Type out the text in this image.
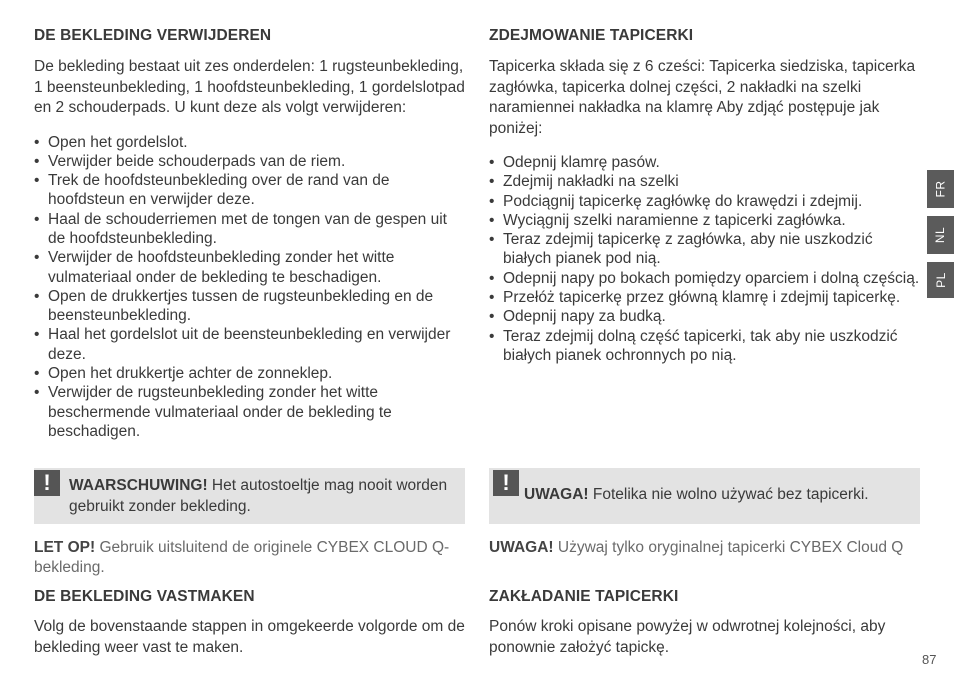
DE BEKLEDING VERWIJDEREN

De bekleding bestaat uit zes onderdelen: 1 rugsteunbekleding, 1 beensteunbekleding, 1 hoofdsteunbekleding, 1 gordelslotpad en 2 schouderpads. U kunt deze als volgt verwijderen:

• Open het gordelslot.
• Verwijder beide schouderpads van de riem.
• Trek de hoofdsteunbekleding over de rand van de hoofdsteun en verwijder deze.
• Haal de schouderriemen met de tongen van de gespen uit de hoofdsteunbekleding.
• Verwijder de hoofdsteunbekleding zonder het witte vulmateriaal onder de bekleding te beschadigen.
• Open de drukkertjes tussen de rugsteunbekleding en de beensteunbekleding.
• Haal het gordelslot uit de beensteunbekleding en verwijder deze.
• Open het drukkertje achter de zonneklep.
• Verwijder de rugsteunbekleding zonder het witte beschermende vulmateriaal onder de bekleding te beschadigen.
ZDEJMOWANIE TAPICERKI

Tapicerka składa się z 6 cześci: Tapicerka siedziska, tapicerka zagłówka, tapicerka dolnej części, 2 nakładki na szelki naramiennei nakładka na klamrę Aby zdjąć postępuje jak poniżej:

• Odepnij klamrę pasów.
• Zdejmij nakładki na szelki
• Podciągnij tapicerkę zagłówkę do krawędzi i zdejmij.
• Wyciągnij szelki naramienne z tapicerki zagłówka.
• Teraz zdejmij tapicerkę z zagłówka, aby nie uszkodzić białych pianek pod nią.
• Odepnij napy po bokach pomiędzy oparciem i dolną częścią.
• Przełóż tapicerkę przez główną klamrę i zdejmij tapicerkę.
• Odepnij napy za budką.
• Teraz zdejmij dolną część tapicerki, tak aby nie uszkodzić białych pianek ochronnych po nią.
!	WAARSCHUWING! Het autostoeltje mag nooit worden gebruikt zonder bekleding.
! UWAGA! Fotelika nie wolno używać bez tapicerki.
LET OP! Gebruik uitsluitend de originele CYBEX CLOUD Q-bekleding.
UWAGA! Używaj tylko oryginalnej tapicerki CYBEX Cloud Q
DE BEKLEDING VASTMAKEN

Volg de bovenstaande stappen in omgekeerde volgorde om de bekleding weer vast te maken.

ZAKŁADANIE TAPICERKI

Ponów kroki opisane powyżej w odwrotnej kolejności, aby ponownie założyć tapickę.

FR
NL
PL
87
